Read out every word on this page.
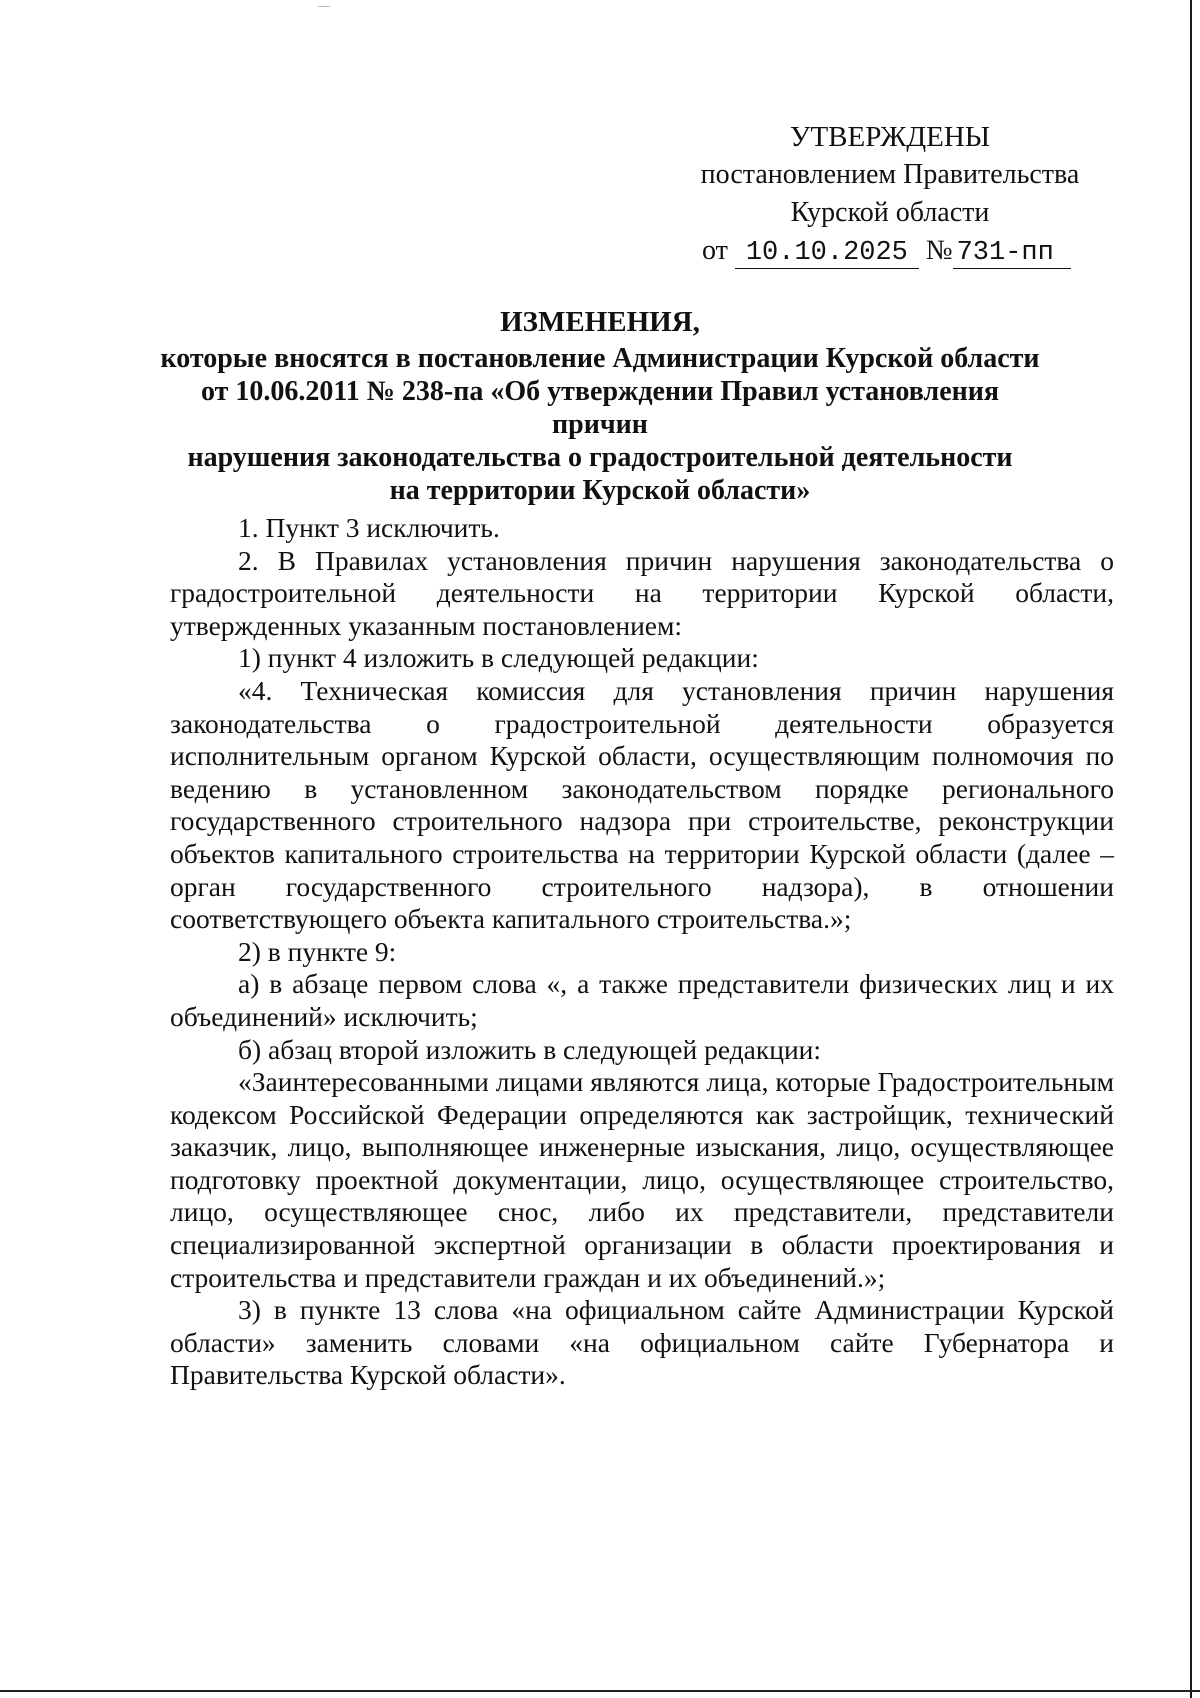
УТВЕРЖДЕНЫ
постановлением Правительства
Курской области
от 10.10.2025 № 731-пп
ИЗМЕНЕНИЯ,
которые вносятся в постановление Администрации Курской области
от 10.06.2011 № 238-па «Об утверждении Правил установления причин
нарушения законодательства о градостроительной деятельности
на территории Курской области»

1. Пункт 3 исключить.

2. В Правилах установления причин нарушения законодательства о градостроительной деятельности на территории Курской области, утвержденных указанным постановлением:

1) пункт 4 изложить в следующей редакции:

«4. Техническая комиссия для установления причин нарушения законодательства о градостроительной деятельности образуется исполнительным органом Курской области, осуществляющим полномочия по ведению в установленном законодательством порядке регионального государственного строительного надзора при строительстве, реконструкции объектов капитального строительства на территории Курской области (далее – орган государственного строительного надзора), в отношении соответствующего объекта капитального строительства.»;

2) в пункте 9:

а) в абзаце первом слова «, а также представители физических лиц и их объединений» исключить;

б) абзац второй изложить в следующей редакции:

«Заинтересованными лицами являются лица, которые Градостроительным кодексом Российской Федерации определяются как застройщик, технический заказчик, лицо, выполняющее инженерные изыскания, лицо, осуществляющее подготовку проектной документации, лицо, осуществляющее строительство, лицо, осуществляющее снос, либо их представители, представители специализированной экспертной организации в области проектирования и строительства и представители граждан и их объединений.»;

3) в пункте 13 слова «на официальном сайте Администрации Курской области» заменить словами «на официальном сайте Губернатора и Правительства Курской области».
